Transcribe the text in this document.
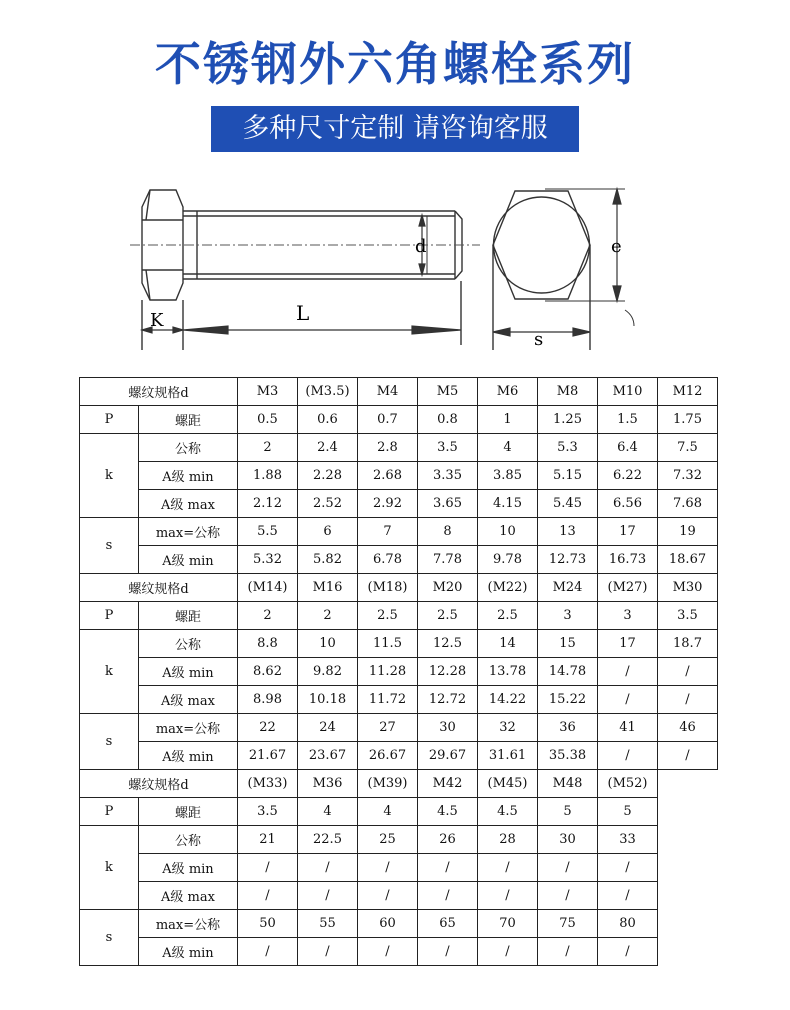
不锈钢外六角螺栓系列
多种尺寸定制 请咨询客服
K	L
d	e
s
螺纹规格d		M3	(M3.5)	M4	M5	M6	M8	M10	M12
P	螺距	0.5	0.6	0.7	0.8	1	1.25	1.5	1.75
k	公称	2	2.4	2.8	3.5	4	5.3	6.4	7.5
	A级 min	1.88	2.28	2.68	3.35	3.85	5.15	6.22	7.32
	A级 max	2.12	2.52	2.92	3.65	4.15	5.45	6.56	7.68
s	max=公称	5.5	6	7	8	10	13	17	19
	A级 min	5.32	5.82	6.78	7.78	9.78	12.73	16.73	18.67
螺纹规格d		(M14)	M16	(M18)	M20	(M22)	M24	(M27)	M30
P	螺距	2	2	2.5	2.5	2.5	3	3	3.5
k	公称	8.8	10	11.5	12.5	14	15	17	18.7
	A级 min	8.62	9.82	11.28	12.28	13.78	14.78	/	/
	A级 max	8.98	10.18	11.72	12.72	14.22	15.22	/	/
s	max=公称	22	24	27	30	32	36	41	46
	A级 min	21.67	23.67	26.67	29.67	31.61	35.38	/	/
螺纹规格d		(M33)	M36	(M39)	M42	(M45)	M48	(M52)	
P	螺距	3.5	4	4	4.5	4.5	5	5	
k	公称	21	22.5	25	26	28	30	33	
	A级 min	/	/	/	/	/	/	/	
	A级 max	/	/	/	/	/	/	/	
s	max=公称	50	55	60	65	70	75	80	
	A级 min	/	/	/	/	/	/	/	
